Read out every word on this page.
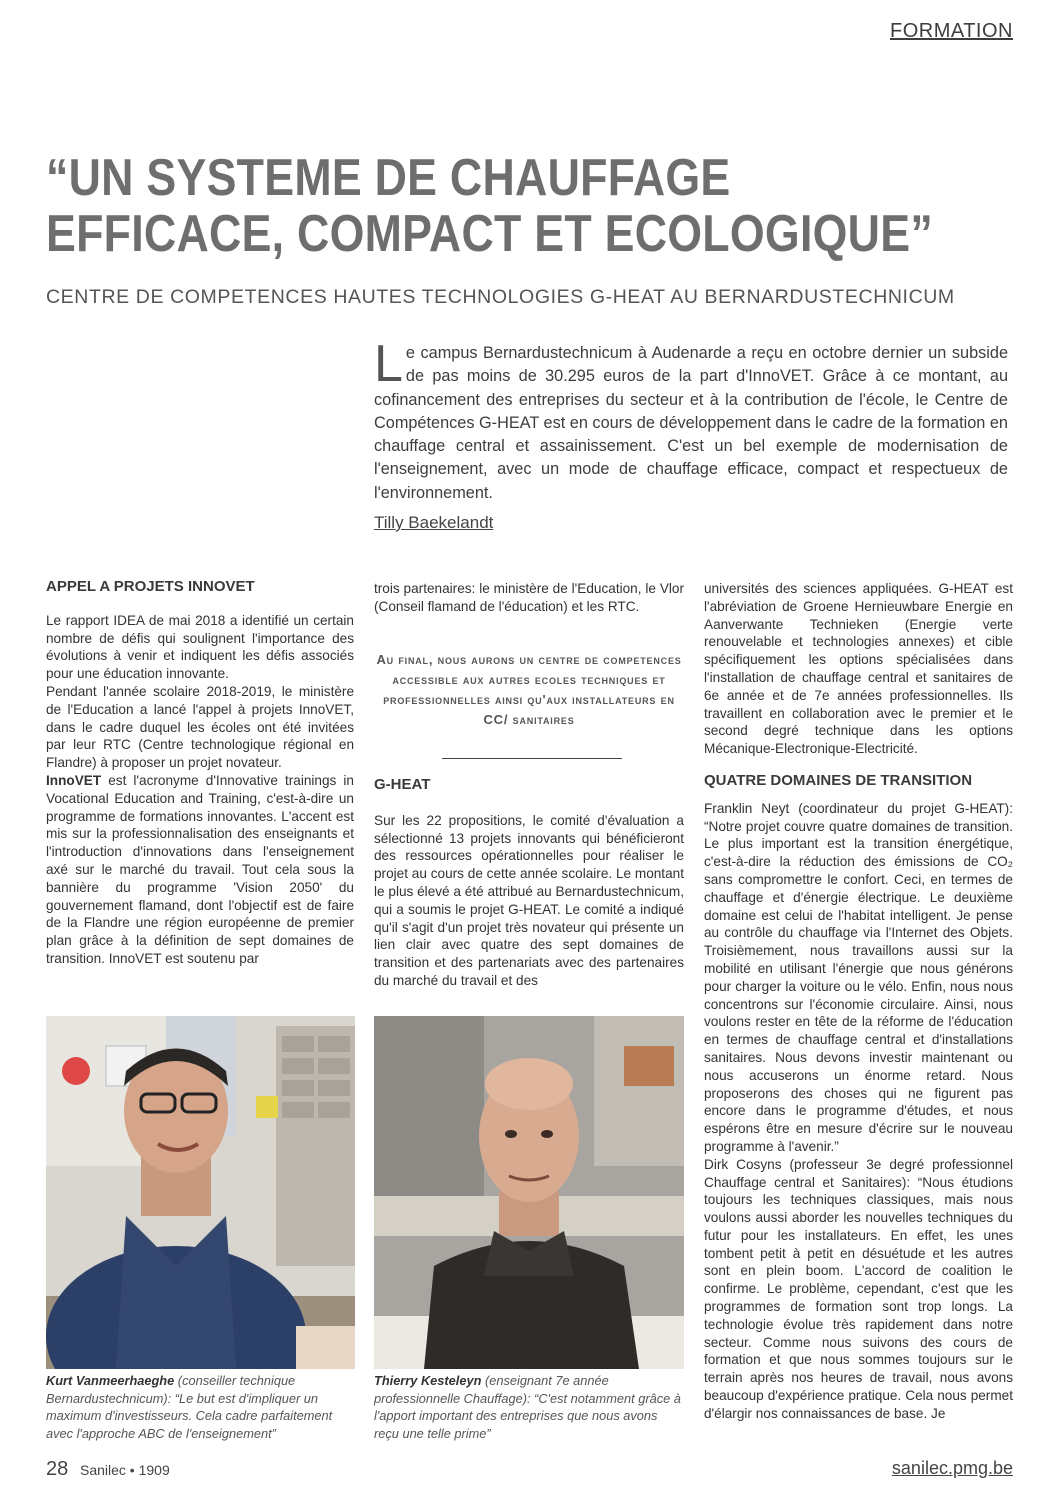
FORMATION
“UN SYSTEME DE CHAUFFAGE
EFFICACE, COMPACT ET ECOLOGIQUE”
CENTRE DE COMPETENCES HAUTES TECHNOLOGIES G-HEAT AU BERNARDUSTECHNICUM
Le campus Bernardustechnicum à Audenarde a reçu en octobre dernier un subside de pas moins de 30.295 euros de la part d'InnoVET. Grâce à ce montant, au cofinancement des entreprises du secteur et à la contribution de l'école, le Centre de Compétences G-HEAT est en cours de développement dans le cadre de la formation en chauffage central et assainissement. C'est un bel exemple de modernisation de l'enseignement, avec un mode de chauffage efficace, compact et respectueux de l'environnement.
Tilly Baekelandt

APPEL A PROJETS INNOVET

Le rapport IDEA de mai 2018 a identifié un certain nombre de défis qui soulignent l'importance des évolutions à venir et indiquent les défis associés pour une éducation innovante.

Pendant l'année scolaire 2018-2019, le ministère de l'Education a lancé l'appel à projets InnoVET, dans le cadre duquel les écoles ont été invitées par leur RTC (Centre technologique régional en Flandre) à proposer un projet novateur.

InnoVET est l'acronyme d'Innovative trainings in Vocational Education and Training, c'est-à-dire un programme de formations innovantes. L'accent est mis sur la professionnalisation des enseignants et l'introduction d'innovations dans l'enseignement axé sur le marché du travail. Tout cela sous la bannière du programme 'Vision 2050' du gouvernement flamand, dont l'objectif est de faire de la Flandre une région européenne de premier plan grâce à la définition de sept domaines de transition. InnoVET est soutenu par

trois partenaires: le ministère de l'Education, le Vlor (Conseil flamand de l'éducation) et les RTC.

Au final, nous aurons un centre de competences accessible aux autres ecoles techniques et professionnelles ainsi qu'aux installateurs en CC/ sanitaires

G-HEAT

Sur les 22 propositions, le comité d'évaluation a sélectionné 13 projets innovants qui bénéficieront des ressources opérationnelles pour réaliser le projet au cours de cette année scolaire. Le montant le plus élevé a été attribué au Bernardustechnicum, qui a soumis le projet G-HEAT. Le comité a indiqué qu'il s'agit d'un projet très novateur qui présente un lien clair avec quatre des sept domaines de transition et des partenariats avec des partenaires du marché du travail et des

universités des sciences appliquées. G-HEAT est l'abréviation de Groene Hernieuwbare Energie en Aanverwante Technieken (Energie verte renouvelable et technologies annexes) et cible spécifiquement les options spécialisées dans l'installation de chauffage central et sanitaires de 6e année et de 7e années professionnelles. Ils travaillent en collaboration avec le premier et le second degré technique dans les options Mécanique-Electronique-Electricité.

QUATRE DOMAINES DE TRANSITION

Franklin Neyt (coordinateur du projet G-HEAT): “Notre projet couvre quatre domaines de transition. Le plus important est la transition énergétique, c'est-à-dire la réduction des émissions de CO₂ sans compromettre le confort. Ceci, en termes de chauffage et d'énergie électrique. Le deuxième domaine est celui de l'habitat intelligent. Je pense au contrôle du chauffage via l'Internet des Objets. Troisièmement, nous travaillons aussi sur la mobilité en utilisant l'énergie que nous générons pour charger la voiture ou le vélo. Enfin, nous nous concentrons sur l'économie circulaire. Ainsi, nous voulons rester en tête de la réforme de l'éducation en termes de chauffage central et d'installations sanitaires. Nous devons investir maintenant ou nous accuserons un énorme retard. Nous proposerons des choses qui ne figurent pas encore dans le programme d'études, et nous espérons être en mesure d'écrire sur le nouveau programme à l'avenir.”

Dirk Cosyns (professeur 3e degré professionnel Chauffage central et Sanitaires): “Nous étudions toujours les techniques classiques, mais nous voulons aussi aborder les nouvelles techniques du futur pour les installateurs. En effet, les unes tombent petit à petit en désuétude et les autres sont en plein boom. L'accord de coalition le confirme. Le problème, cependant, c'est que les programmes de formation sont trop longs. La technologie évolue très rapidement dans notre secteur. Comme nous suivons des cours de formation et que nous sommes toujours sur le terrain après nos heures de travail, nous avons beaucoup d'expérience pratique. Cela nous permet d'élargir nos connaissances de base. Je

Kurt Vanmeerhaeghe (conseiller technique Bernardustechnicum): “Le but est d'impliquer un maximum d'investisseurs. Cela cadre parfaitement avec l'approche ABC de l'enseignement”
Thierry Kesteleyn (enseignant 7e année professionnelle Chauffage): “C'est notamment grâce à l'apport important des entreprises que nous avons reçu une telle prime”
28 Sanilec • 1909	sanilec.pmg.be
